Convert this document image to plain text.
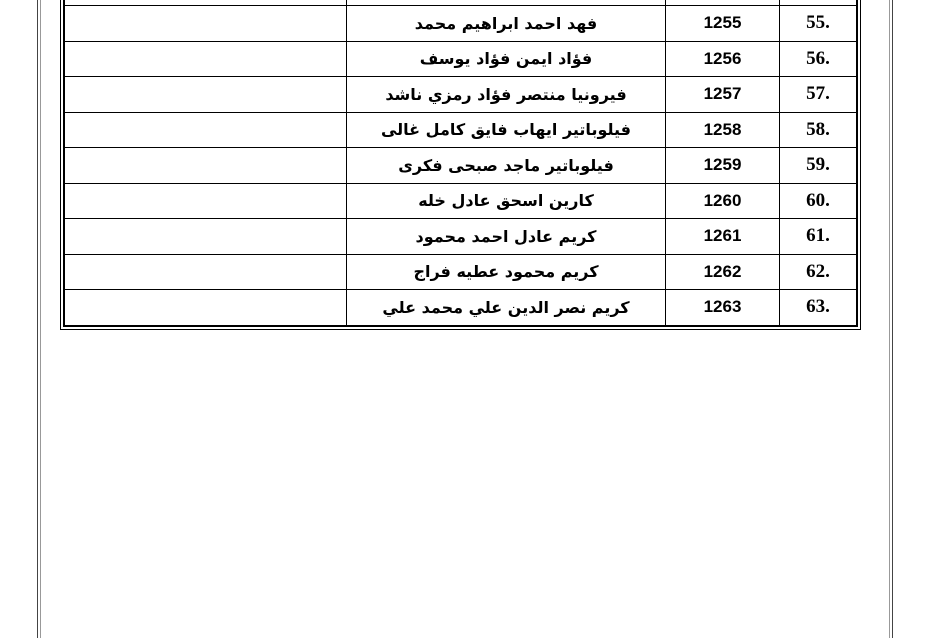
55.	1255	فهد احمد ابراهيم محمد	
56.	1256	فؤاد ايمن فؤاد يوسف	
57.	1257	فيرونيا منتصر فؤاد رمزي ناشد	
58.	1258	فيلوباتير ايهاب فايق كامل غالى	
59.	1259	فيلوباتير ماجد صبحى فكرى	
60.	1260	كارين اسحق عادل خله	
61.	1261	كريم عادل احمد محمود	
62.	1262	كريم محمود عطيه فراج	
63.	1263	كريم نصر الدين علي محمد علي	
